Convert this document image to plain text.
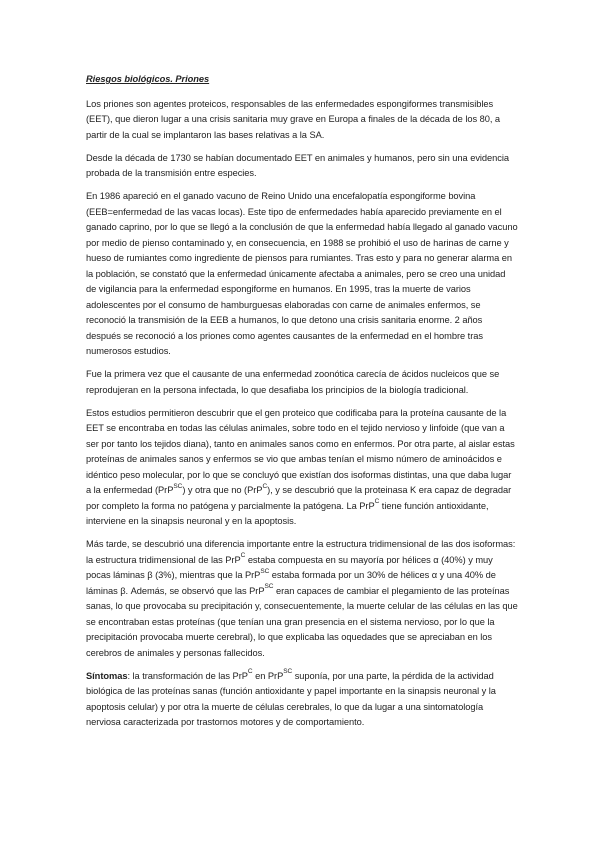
Riesgos biológicos. Priones

Los priones son agentes proteicos, responsables de las enfermedades espongiformes transmisibles (EET), que dieron lugar a una crisis sanitaria muy grave en Europa a finales de la década de los 80, a partir de la cual se implantaron las bases relativas a la SA.

Desde la década de 1730 se habían documentado EET en animales y humanos, pero sin una evidencia probada de la transmisión entre especies.

En 1986 apareció en el ganado vacuno de Reino Unido una encefalopatía espongiforme bovina (EEB=enfermedad de las vacas locas). Este tipo de enfermedades había aparecido previamente en el ganado caprino, por lo que se llegó a la conclusión de que la enfermedad había llegado al ganado vacuno por medio de pienso contaminado y, en consecuencia, en 1988 se prohibió el uso de harinas de carne y hueso de rumiantes como ingrediente de piensos para rumiantes. Tras esto y para no generar alarma en la población, se constató que la enfermedad únicamente afectaba a animales, pero se creo una unidad de vigilancia para la enfermedad espongiforme en humanos. En 1995, tras la muerte de varios adolescentes por el consumo de hamburguesas elaboradas con carne de animales enfermos, se reconoció la transmisión de la EEB a humanos, lo que detono una crisis sanitaria enorme. 2 años después se reconoció a los priones como agentes causantes de la enfermedad en el hombre tras numerosos estudios.

Fue la primera vez que el causante de una enfermedad zoonótica carecía de ácidos nucleicos que se reprodujeran en la persona infectada, lo que desafiaba los principios de la biología tradicional.

Estos estudios permitieron descubrir que el gen proteico que codificaba para la proteína causante de la EET se encontraba en todas las células animales, sobre todo en el tejido nervioso y linfoide (que van a ser por tanto los tejidos diana), tanto en animales sanos como en enfermos. Por otra parte, al aislar estas proteínas de animales sanos y enfermos se vio que ambas tenían el mismo número de aminoácidos e idéntico peso molecular, por lo que se concluyó que existían dos isoformas distintas, una que daba lugar a la enfermedad (PrP$^{SC}$) y otra que no (PrP$^C$), y se descubrió que la proteinasa K era capaz de degradar por completo la forma no patógena y parcialmente la patógena. La PrP$^C$ tiene función antioxidante, interviene en la sinapsis neuronal y en la apoptosis.

Más tarde, se descubrió una diferencia importante entre la estructura tridimensional de las dos isoformas: la estructura tridimensional de las PrP$^C$ estaba compuesta en su mayoría por hélices α (40%) y muy pocas láminas β (3%), mientras que la PrP$^{SC}$ estaba formada por un 30% de hélices α y una 40% de láminas β. Además, se observó que las PrP$^{SC}$ eran capaces de cambiar el plegamiento de las proteínas sanas, lo que provocaba su precipitación y, consecuentemente, la muerte celular de las células en las que se encontraban estas proteínas (que tenían una gran presencia en el sistema nervioso, por lo que la precipitación provocaba muerte cerebral), lo que explicaba las oquedades que se apreciaban en los cerebros de animales y personas fallecidos.

Síntomas: la transformación de las PrP$^C$ en PrP$^{SC}$ suponía, por una parte, la pérdida de la actividad biológica de las proteínas sanas (función antioxidante y papel importante en la sinapsis neuronal y la apoptosis celular) y por otra la muerte de células cerebrales, lo que da lugar a una sintomatología nerviosa caracterizada por trastornos motores y de comportamiento.
